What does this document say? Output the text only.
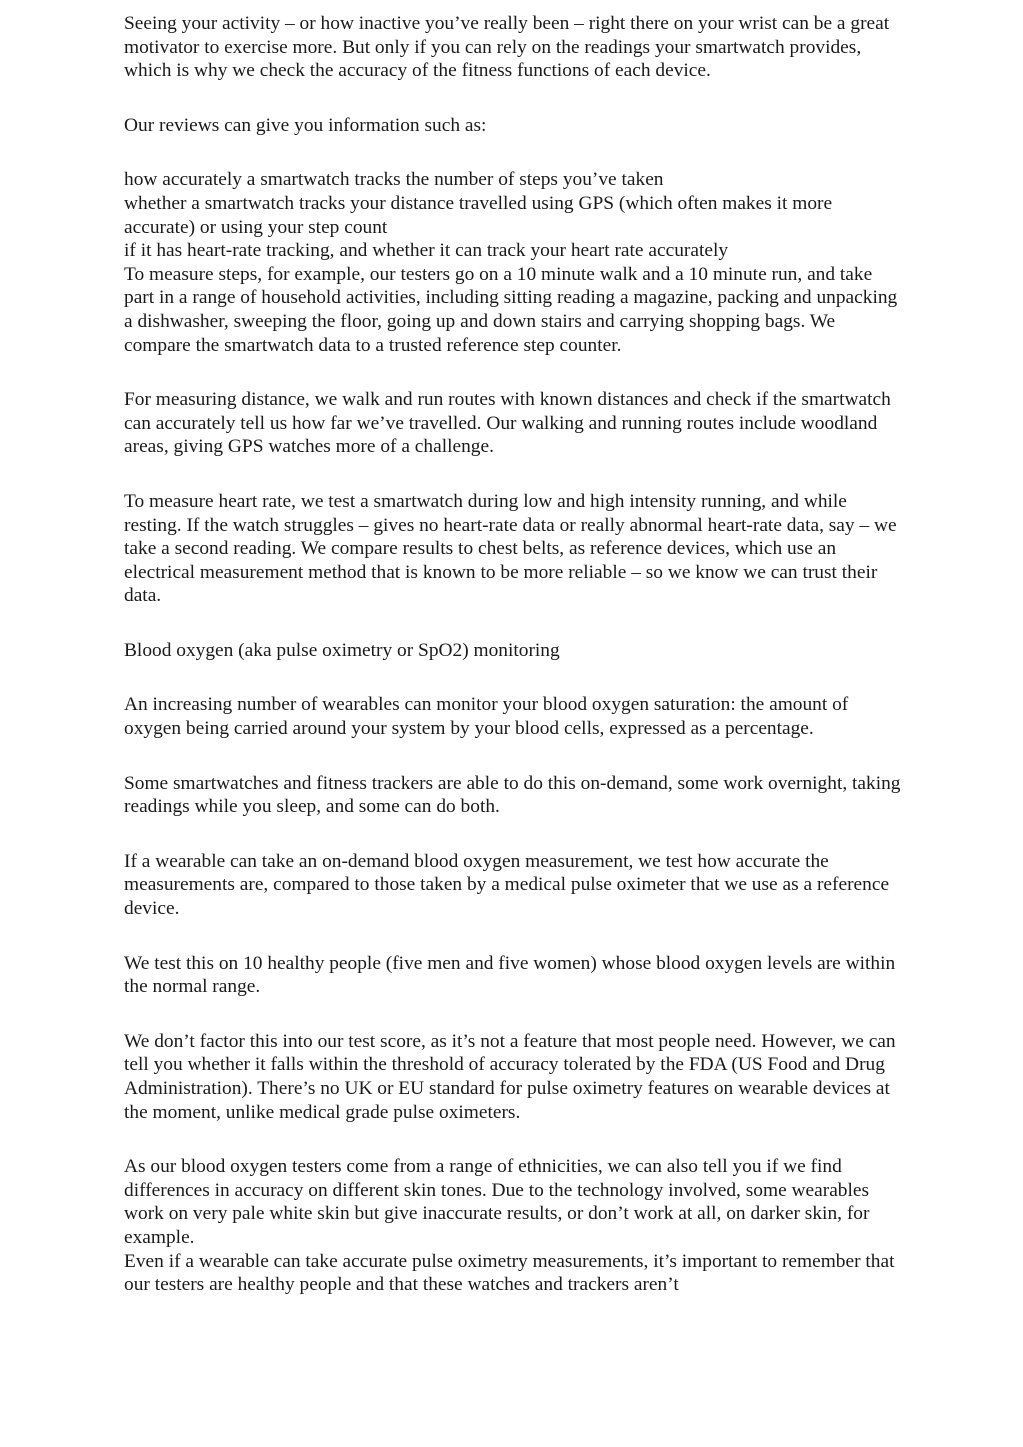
Seeing your activity – or how inactive you’ve really been – right there on your wrist can be a great motivator to exercise more. But only if you can rely on the readings your smartwatch provides, which is why we check the accuracy of the fitness functions of each device.

Our reviews can give you information such as:

how accurately a smartwatch tracks the number of steps you’ve taken
whether a smartwatch tracks your distance travelled using GPS (which often makes it more accurate) or using your step count
if it has heart-rate tracking, and whether it can track your heart rate accurately
To measure steps, for example, our testers go on a 10 minute walk and a 10 minute run, and take part in a range of household activities, including sitting reading a magazine, packing and unpacking a dishwasher, sweeping the floor, going up and down stairs and carrying shopping bags. We compare the smartwatch data to a trusted reference step counter.

For measuring distance, we walk and run routes with known distances and check if the smartwatch can accurately tell us how far we’ve travelled. Our walking and running routes include woodland areas, giving GPS watches more of a challenge.

To measure heart rate, we test a smartwatch during low and high intensity running, and while resting. If the watch struggles – gives no heart-rate data or really abnormal heart-rate data, say – we take a second reading. We compare results to chest belts, as reference devices, which use an electrical measurement method that is known to be more reliable – so we know we can trust their data.

Blood oxygen (aka pulse oximetry or SpO2) monitoring

An increasing number of wearables can monitor your blood oxygen saturation: the amount of oxygen being carried around your system by your blood cells, expressed as a percentage.

Some smartwatches and fitness trackers are able to do this on-demand, some work overnight, taking readings while you sleep, and some can do both.

If a wearable can take an on-demand blood oxygen measurement, we test how accurate the measurements are, compared to those taken by a medical pulse oximeter that we use as a reference device.

We test this on 10 healthy people (five men and five women) whose blood oxygen levels are within the normal range.

We don’t factor this into our test score, as it’s not a feature that most people need. However, we can tell you whether it falls within the threshold of accuracy tolerated by the FDA (US Food and Drug Administration). There’s no UK or EU standard for pulse oximetry features on wearable devices at the moment, unlike medical grade pulse oximeters.

As our blood oxygen testers come from a range of ethnicities, we can also tell you if we find differences in accuracy on different skin tones. Due to the technology involved, some wearables work on very pale white skin but give inaccurate results, or don’t work at all, on darker skin, for example.

Even if a wearable can take accurate pulse oximetry measurements, it’s important to remember that our testers are healthy people and that these watches and trackers aren’t
